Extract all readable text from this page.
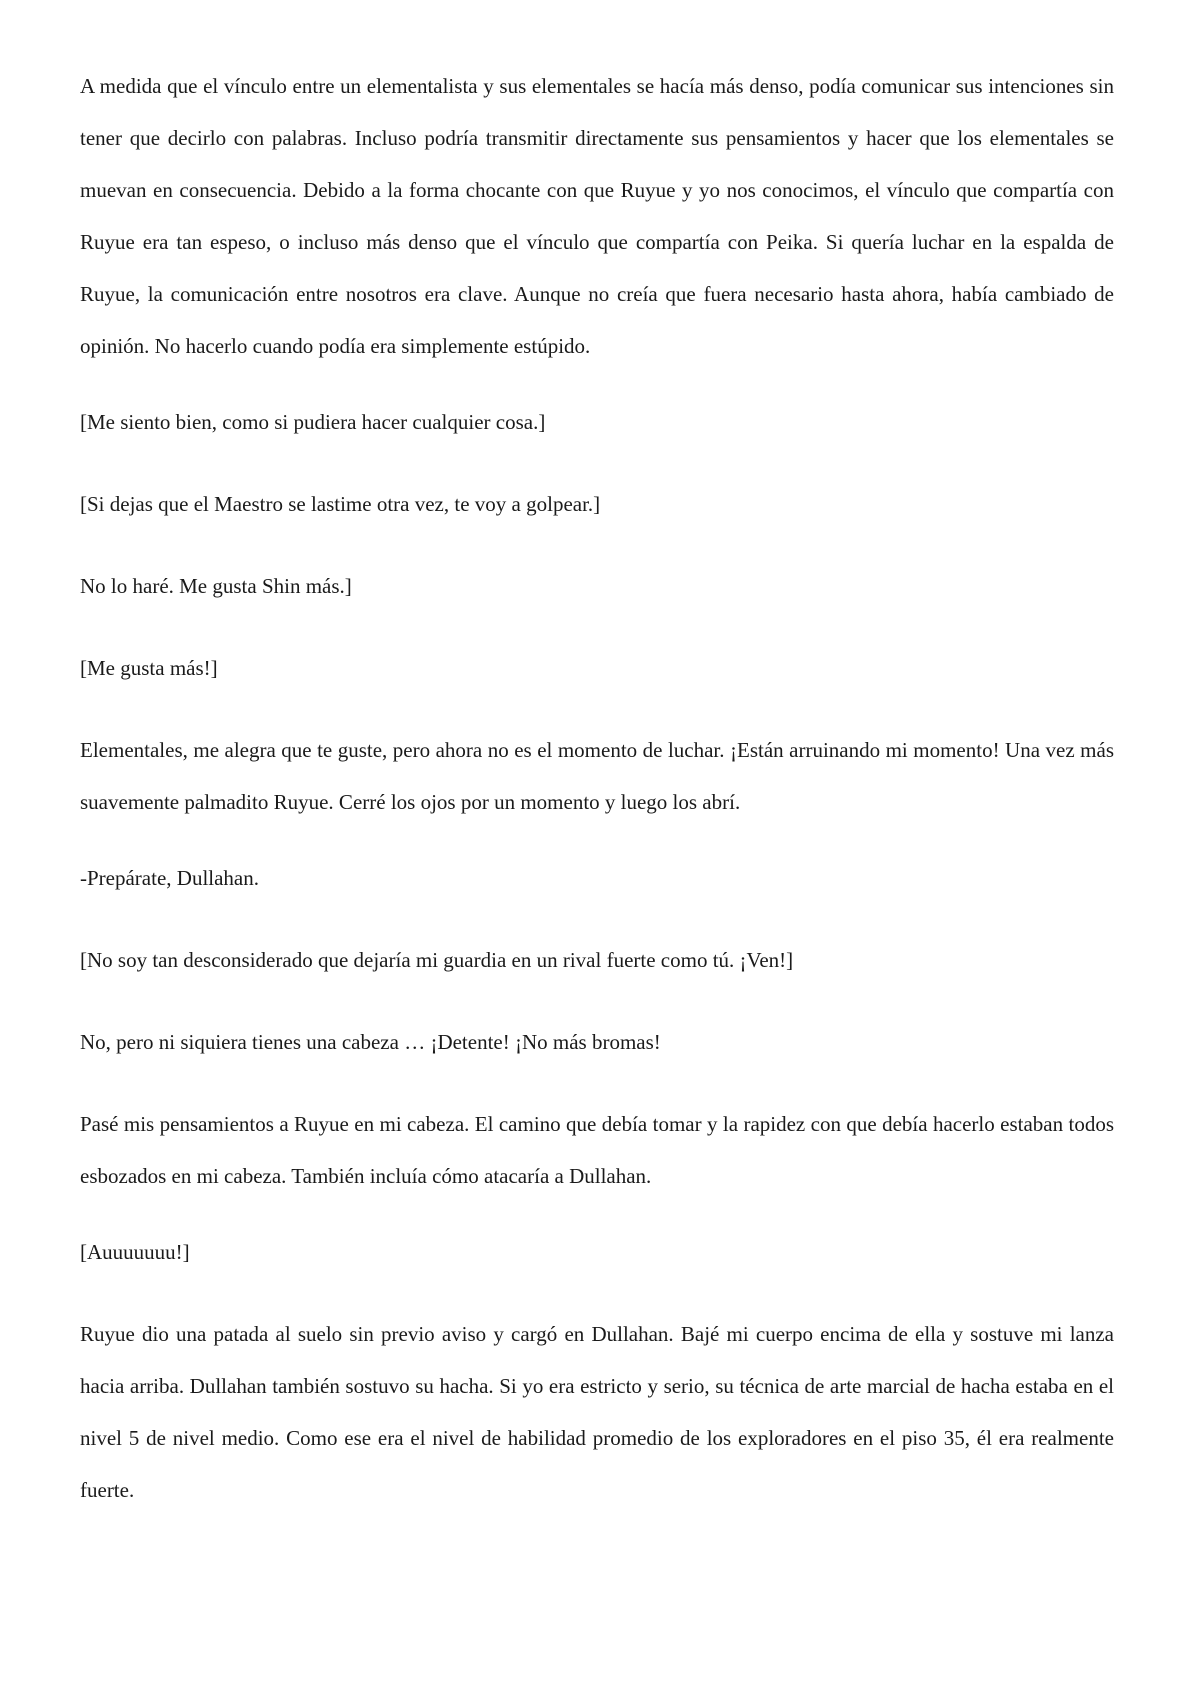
A medida que el vínculo entre un elementalista y sus elementales se hacía más denso, podía comunicar sus intenciones sin tener que decirlo con palabras. Incluso podría transmitir directamente sus pensamientos y hacer que los elementales se muevan en consecuencia. Debido a la forma chocante con que Ruyue y yo nos conocimos, el vínculo que compartía con Ruyue era tan espeso, o incluso más denso que el vínculo que compartía con Peika. Si quería luchar en la espalda de Ruyue, la comunicación entre nosotros era clave. Aunque no creía que fuera necesario hasta ahora, había cambiado de opinión. No hacerlo cuando podía era simplemente estúpido.

[Me siento bien, como si pudiera hacer cualquier cosa.]

[Si dejas que el Maestro se lastime otra vez, te voy a golpear.]

No lo haré. Me gusta Shin más.]

[Me gusta más!]

Elementales, me alegra que te guste, pero ahora no es el momento de luchar. ¡Están arruinando mi momento! Una vez más suavemente palmadito Ruyue. Cerré los ojos por un momento y luego los abrí.

-Prepárate, Dullahan.

[No soy tan desconsiderado que dejaría mi guardia en un rival fuerte como tú. ¡Ven!]

No, pero ni siquiera tienes una cabeza … ¡Detente! ¡No más bromas!

Pasé mis pensamientos a Ruyue en mi cabeza. El camino que debía tomar y la rapidez con que debía hacerlo estaban todos esbozados en mi cabeza. También incluía cómo atacaría a Dullahan.

[Auuuuuuu!]

Ruyue dio una patada al suelo sin previo aviso y cargó en Dullahan. Bajé mi cuerpo encima de ella y sostuve mi lanza hacia arriba. Dullahan también sostuvo su hacha. Si yo era estricto y serio, su técnica de arte marcial de hacha estaba en el nivel 5 de nivel medio. Como ese era el nivel de habilidad promedio de los exploradores en el piso 35, él era realmente fuerte.
